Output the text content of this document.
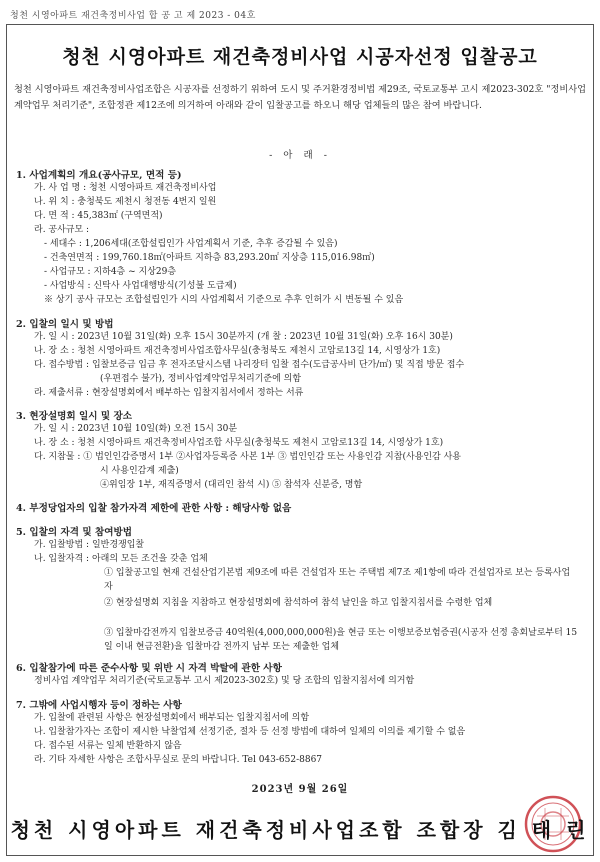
청천 시영아파트 재건축정비사업 합 공 고 제 2023 - 04호
청천 시영아파트 재건축정비사업 시공자선정 입찰공고
청천 시영아파트 재건축정비사업조합은 시공자를 선정하기 위하여 도시 및 주거환경정비법 제29조, 국토교통부 고시 제2023-302호 "정비사업 계약업무 처리기준", 조합정관 제12조에 의거하여 아래와 같이 입찰공고를 하오니 해당 업체들의 많은 참여 바랍니다.
- 아 래 -
1. 사업계획의 개요(공사규모, 면적 등)
가. 사 업 명 : 청천 시영아파트 재건축정비사업
나. 위 치 : 충청북도 제천시 청전동 4번지 일원
다. 면 적 : 45,383㎡ (구역면적)
라. 공사규모 :
- 세대수 : 1,206세대(조합설립인가 사업계획서 기준, 추후 증감될 수 있음)
- 건축연면적 : 199,760.18㎡(아파트 지하층 83,293.20㎡ 지상층 115,016.98㎡)
- 사업규모 : 지하4층 ~ 지상29층
- 사업방식 : 신탁사 사업대행방식(기성불 도급제)
※ 상기 공사 규모는 조합설립인가 시의 사업계획서 기준으로 추후 인허가 시 변동될 수 있음
2. 입찰의 일시 및 방법
가. 일 시 : 2023년 10월 31일(화) 오후 15시 30분까지 (개 찰 : 2023년 10월 31일(화) 오후 16시 30분)
나. 장 소 : 청천 시영아파트 재건축정비사업조합사무실(충청북도 제천시 고암로13길 14, 시영상가 1호)
다. 접수방법 : 입찰보증금 입금 후 전자조달시스템 나리장터 입찰 접수(도급공사비 단가/㎡) 및 직접 방문 접수
(우편접수 불가), 정비사업계약업무처리기준에 의함
라. 제출서류 : 현장설명회에서 배부하는 입찰지침서에서 정하는 서류
3. 현장설명회 일시 및 장소
가. 일 시 : 2023년 10월 10일(화) 오전 15시 30분
나. 장 소 : 청천 시영아파트 재건축정비사업조합 사무실(충청북도 제천시 고암로13길 14, 시영상가 1호)
다. 지참물 : ① 법인인감증명서 1부 ②사업자등록증 사본 1부 ③ 법인인감 또는 사용인감 지참(사용인감 사용
시 사용인감계 제출)
④위임장 1부, 재직증명서 (대리인 참석 시) ⑤ 참석자 신분증, 명함
4. 부정당업자의 입찰 참가자격 제한에 관한 사항 : 해당사항 없음
5. 입찰의 자격 및 참여방법
가. 입찰방법 : 일반경쟁입찰
나. 입찰자격 : 아래의 모든 조건을 갖춘 업체
① 입찰공고일 현재 건설산업기본법 제9조에 따른 건설업자 또는 주택법 제7조 제1항에 따라 건설업자로 보는 등록사업자
② 현장설명회 지침을 지참하고 현장설명회에 참석하여 참석 날인을 하고 입찰지침서를 수령한 업체
③ 입찰마감전까지 입찰보증금 40억원(4,000,000,000원)을 현금 또는 이행보증보험증권(시공자 선정 총회날로부터 15일 이내 현금전환)을 입찰마감 전까지 납부 또는 제출한 업체
6. 입찰참가에 따른 준수사항 및 위반 시 자격 박탈에 관한 사항
정비사업 계약업무 처리기준(국토교통부 고시 제2023-302호) 및 당 조합의 입찰지침서에 의거함
7. 그밖에 사업시행자 등이 정하는 사항
가. 입찰에 관련된 사항은 현장설명회에서 배부되는 입찰지침서에 의함
나. 입찰참가자는 조합이 제시한 낙찰업체 선정기준, 절차 등 선정 방법에 대하여 일체의 이의를 제기할 수 없음
다. 접수된 서류는 일체 반환하지 않음
라. 기타 자세한 사항은 조합사무실로 문의 바랍니다. Tel 043-652-8867
2023년 9월 26일
청천 시영아파트 재건축정비사업조합 조합장 김 태 린
